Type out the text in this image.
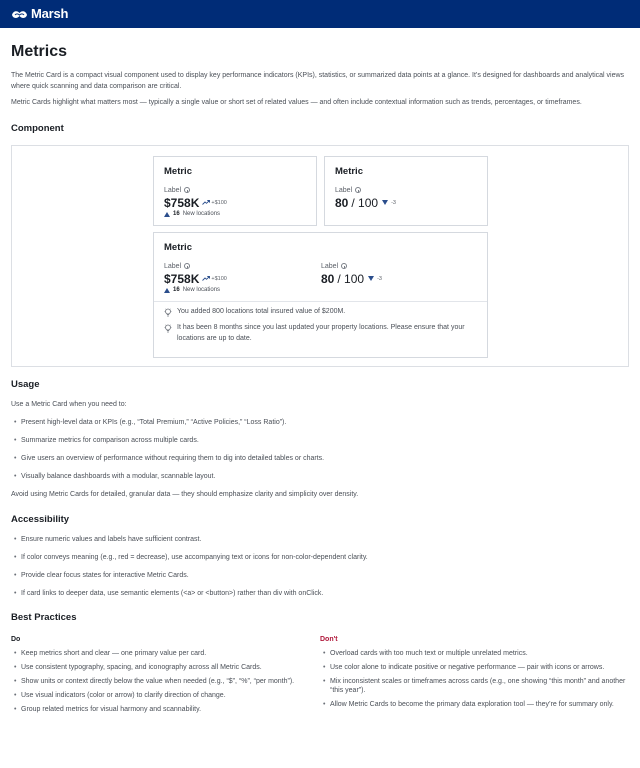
Marsh
Metrics

The Metric Card is a compact visual component used to display key performance indicators (KPIs), statistics, or summarized data points at a glance. It’s designed for dashboards and analytical views where quick scanning and data comparison are critical.

Metric Cards highlight what matters most — typically a single value or short set of related values — and often include contextual information such as trends, percentages, or timeframes.

Component
Metric
Label
$758K +$100
16 New locations
Metric
Label
80 / 100 -3
Metric
Label
$758K +$100
16 New locations
Label
80 / 100 -3
You added 800 locations total insured value of $200M.
It has been 8 months since you last updated your property locations. Please ensure that your locations are up to date.
Usage

Use a Metric Card when you need to:

• Present high-level data or KPIs (e.g., “Total Premium,” “Active Policies,” “Loss Ratio”).
• Summarize metrics for comparison across multiple cards.
• Give users an overview of performance without requiring them to dig into detailed tables or charts.
• Visually balance dashboards with a modular, scannable layout.

Avoid using Metric Cards for detailed, granular data — they should emphasize clarity and simplicity over density.

Accessibility
• Ensure numeric values and labels have sufficient contrast.
• If color conveys meaning (e.g., red = decrease), use accompanying text or icons for non-color-dependent clarity.
• Provide clear focus states for interactive Metric Cards.
• If card links to deeper data, use semantic elements (<a> or <button>) rather than div with onClick.
Best Practices
Do
• Keep metrics short and clear — one primary value per card.
• Use consistent typography, spacing, and iconography across all Metric Cards.
• Show units or context directly below the value when needed (e.g., “$”, “%”, “per month”).
• Use visual indicators (color or arrow) to clarify direction of change.
• Group related metrics for visual harmony and scannability.
Don't
• Overload cards with too much text or multiple unrelated metrics.
• Use color alone to indicate positive or negative performance — pair with icons or arrows.
• Mix inconsistent scales or timeframes across cards (e.g., one showing “this month” and another “this year”).
• Allow Metric Cards to become the primary data exploration tool — they’re for summary only.
